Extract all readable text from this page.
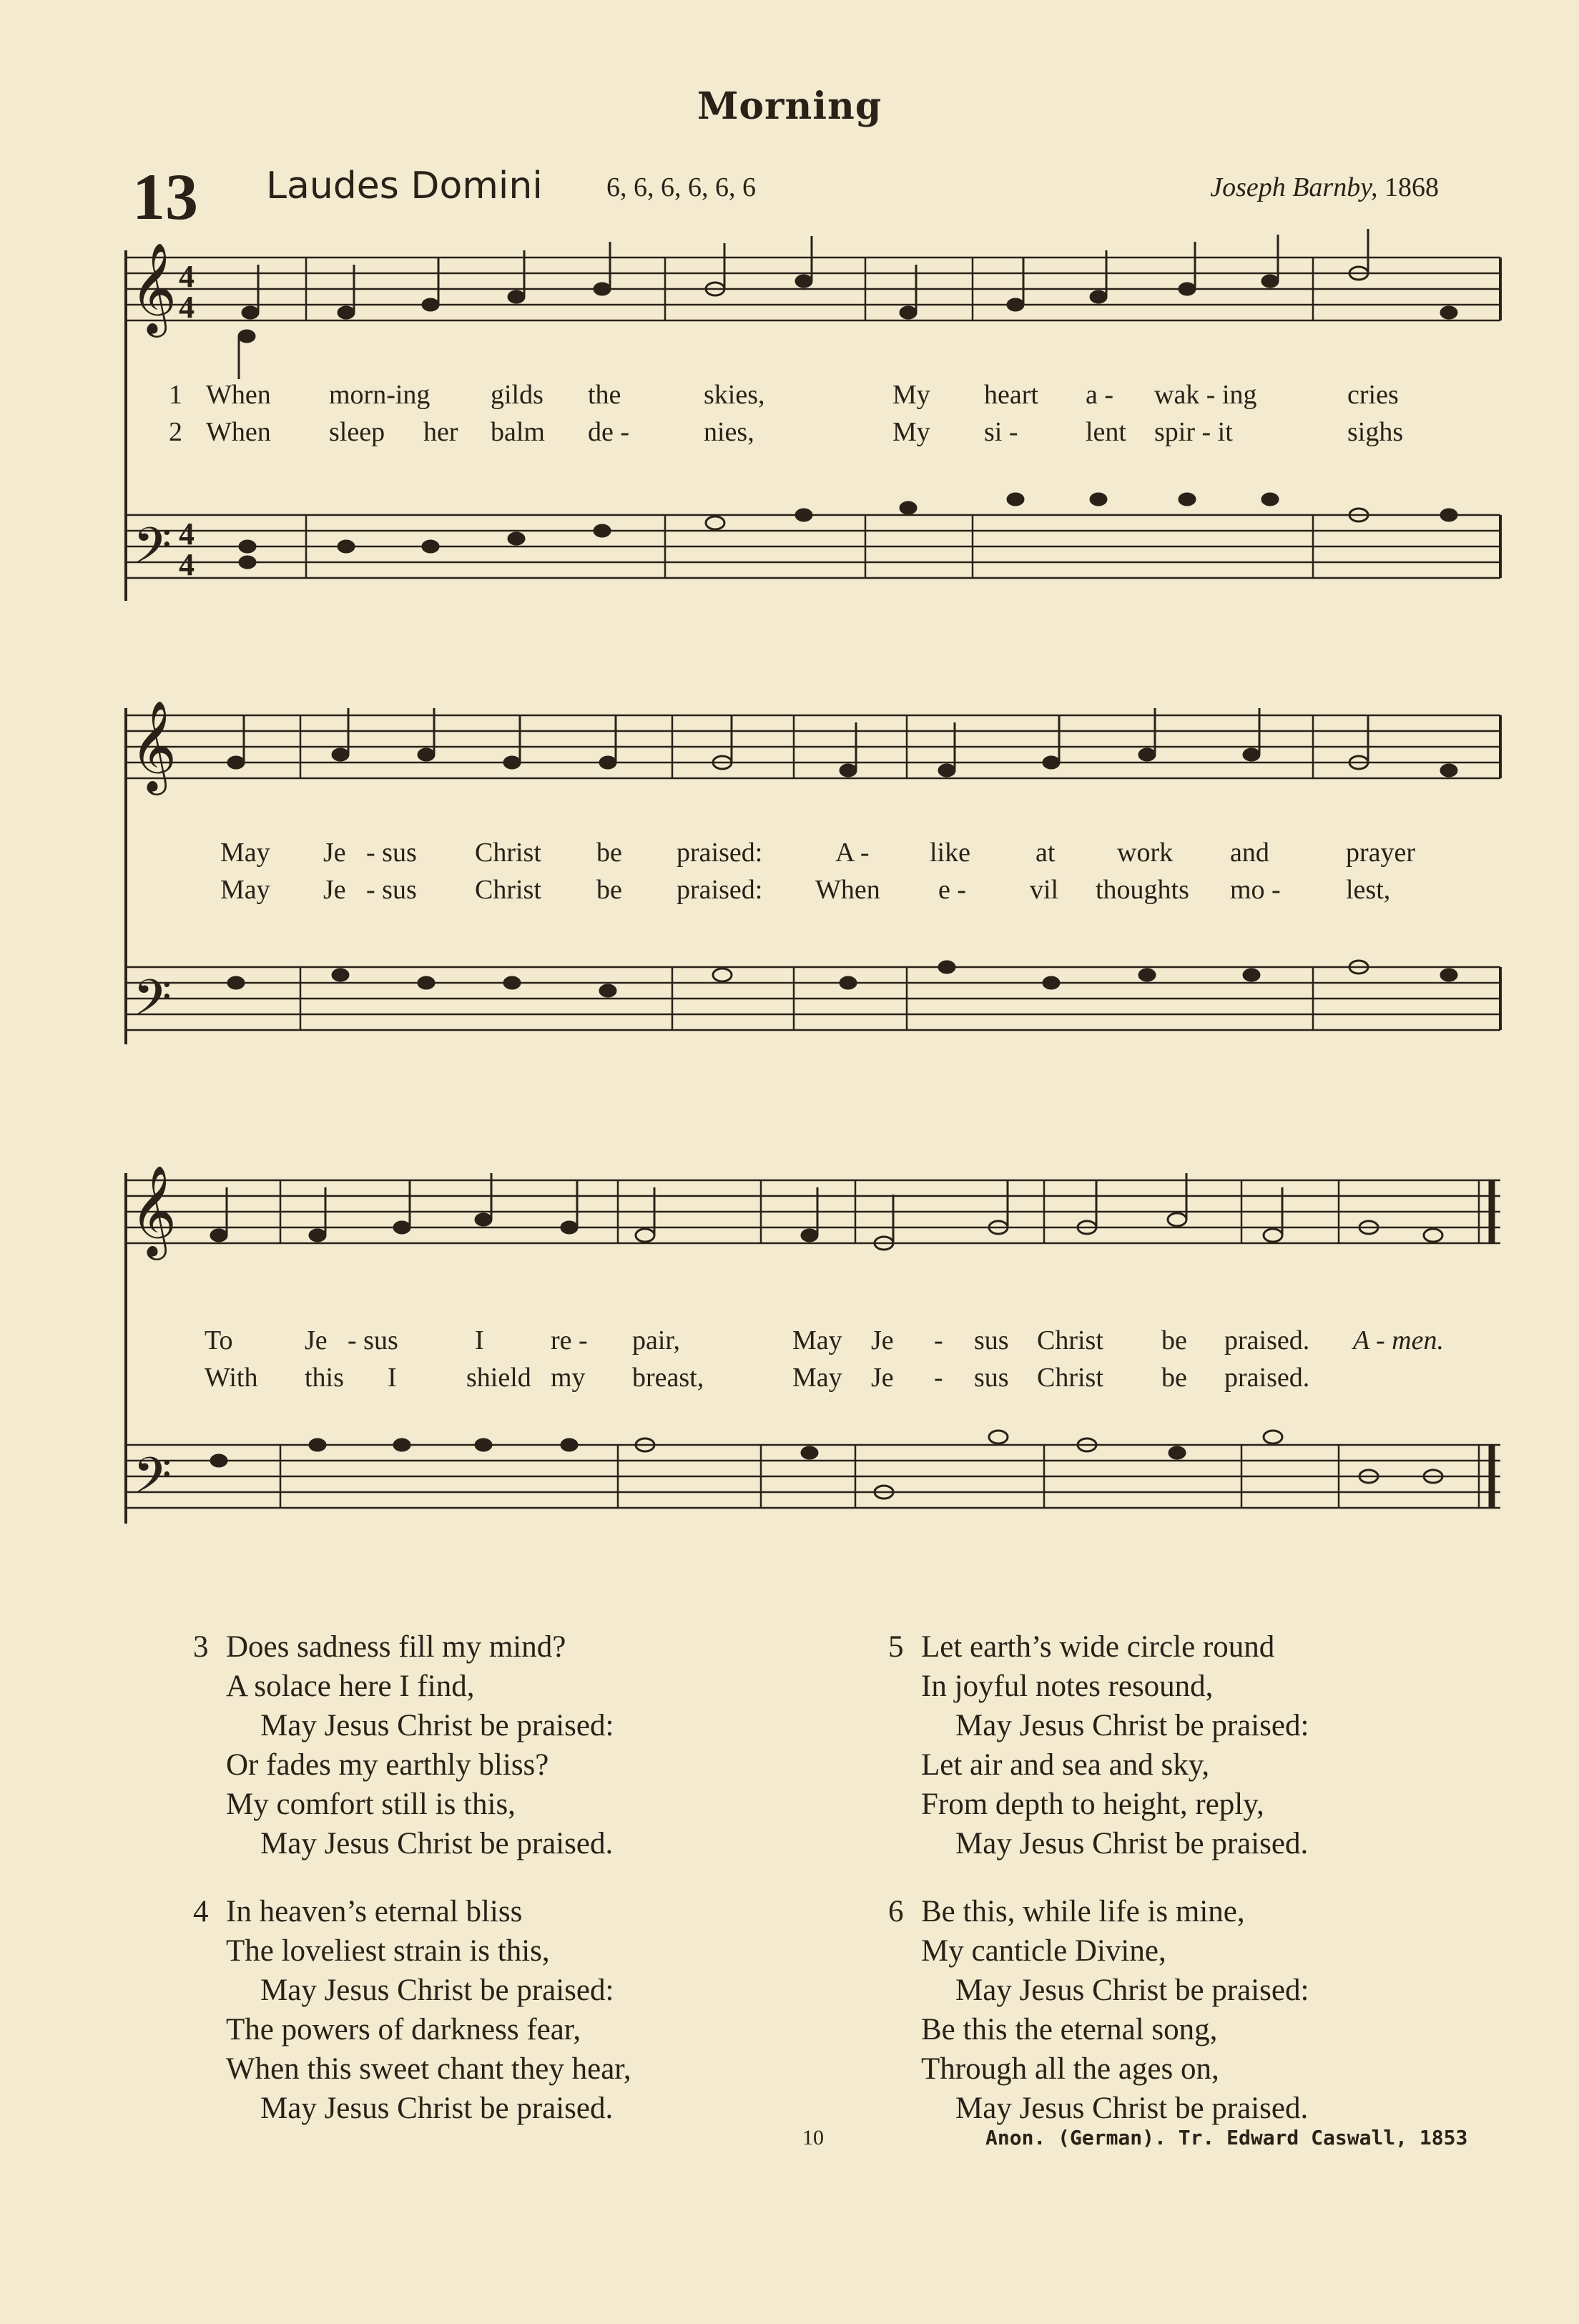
Morning
13 Laudes Domini 6, 6, 6, 6, 6, 6	Joseph Barnby, 1868
𝄞 4
4
𝄢 4
4
1 When morn-ing gilds the	skies,	My heart a - wak - ing	cries
2 When sleep her balm de -	nies,	My si - lent spir - it	sighs
𝄞
𝄢
May Je - sus Christ be praised:	A - like at work and	prayer
May Je - sus Christ be praised: When e - vil thoughts mo - lest,
𝄞
𝄢
To	Je - sus	I re - pair,	May Je - sus Christ be praised. A - men.
With this I	shield my breast,	May Je - sus Christ be praised.
3 Does sadness fill my mind?
A solace here I find,
May Jesus Christ be praised:
Or fades my earthly bliss?
My comfort still is this,
May Jesus Christ be praised.
4 In heaven’s eternal bliss
The loveliest strain is this,
May Jesus Christ be praised:
The powers of darkness fear,
When this sweet chant they hear,
May Jesus Christ be praised.
5 Let earth’s wide circle round
In joyful notes resound,
May Jesus Christ be praised:
Let air and sea and sky,
From depth to height, reply,
May Jesus Christ be praised.
6 Be this, while life is mine,
My canticle Divine,
May Jesus Christ be praised:
Be this the eternal song,
Through all the ages on,
May Jesus Christ be praised.
10	Anon. (German). Tr. Edward Caswall, 1853
